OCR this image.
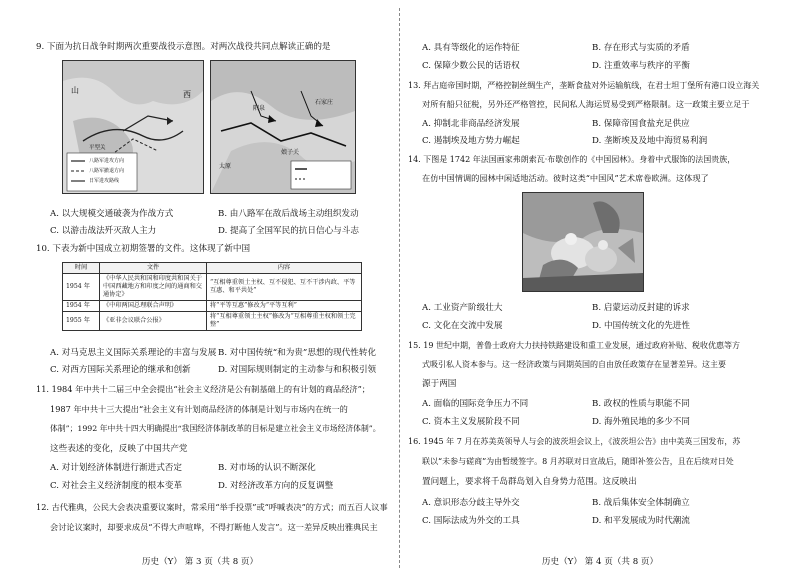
9. 下面为抗日战争时期两次重要战役示意图。对两次战役共同点解读正确的是
山	西
平型关
八路军进攻方向
八路军撤退方向
日军进攻路线
娘子关
阳泉
太原
石家庄
A. 以大规模交通破袭为作战方式	B. 由八路军在敌后战场主动组织发动
C. 以游击战法歼灭敌人主力	D. 提高了全国军民的抗日信心与斗志
10. 下表为新中国成立初期签署的文件。这体现了新中国
时间	文件	内容
1954 年	《中华人民共和国和印度共和国关于中国西藏地方和印度之间的通商和交通协定》	“互相尊重领土主权、互不侵犯、互不干涉内政、平等互惠、和平共处”
1954 年	《中印两国总理联合声明》	将“平等互惠”修改为“平等互利”
1955 年	《亚非会议联合公报》	将“互相尊重领土主权”修改为“互相尊重主权和领土完整”
A. 对马克思主义国际关系理论的丰富与发展 B. 对中国传统“和为贵”思想的现代性转化
C. 对西方国际关系理论的继承和创新	D. 对国际规则制定的主动参与和积极引领
11. 1984 年中共十二届三中全会提出“社会主义经济是公有制基础上的有计划的商品经济”；
1987 年中共十三大提出“社会主义有计划商品经济的体制是计划与市场内在统一的
体制”；1992 年中共十四大明确提出“我国经济体制改革的目标是建立社会主义市场经济体制”。
这些表述的变化，反映了中国共产党
A. 对计划经济体制进行渐进式否定	B. 对市场的认识不断深化
C. 对社会主义经济制度的根本变革	D. 对经济改革方向的反复调整
12. 古代雅典，公民大会表决重要议案时，常采用“举手投票”或“呼喊表决”的方式；而五百人议事
会讨论议案时，却要求成员“不得大声喧哗，不得打断他人发言”。这一差异反映出雅典民主
历史（Y） 第 3 页（共 8 页）
A. 具有等级化的运作特征	B. 存在形式与实质的矛盾
C. 保障少数公民的话语权	D. 注重效率与秩序的平衡
13. 拜占庭帝国时期，严格控制丝绸生产，垄断食盐对外运输航线，在君士坦丁堡所有港口设立海关
对所有船只征税，另外还严格管控，民间私人海运贸易受到严格限制。这一政策主要立足于
A. 抑制北非商品经济发展	B. 保障帝国食盐充足供应
C. 遏制埃及地方势力崛起	D. 垄断埃及及地中海贸易利润
14. 下图是 1742 年法国画家弗朗索瓦·布歇创作的《中国园林》。身着中式服饰的法国贵族，
在仿中国情调的园林中闲适地活动。彼时这类“中国风”艺术席卷欧洲。这体现了
A. 工业资产阶级壮大	B. 启蒙运动反封建的诉求
C. 文化在交流中发展	D. 中国传统文化的先进性
15. 19 世纪中期，普鲁士政府大力扶持铁路建设和重工业发展，通过政府补贴、税收优惠等方
式吸引私人资本参与。这一经济政策与同期英国的自由放任政策存在显著差异。这主要
源于两国
A. 面临的国际竞争压力不同	B. 政权的性质与职能不同
C. 资本主义发展阶段不同	D. 海外殖民地的多少不同
16. 1945 年 7 月在苏美英领导人与会的波茨坦会议上，《波茨坦公告》由中美英三国发布，苏
联以“未参与磋商”为由暂缓签字。8 月苏联对日宣战后，随即补签公告，且在后续对日处
置问题上，要求将千岛群岛划入自身势力范围。这反映出
A. 意识形态分歧主导外交	B. 战后集体安全体制确立
C. 国际法成为外交的工具	D. 和平发展成为时代潮流
历史（Y） 第 4 页（共 8 页）
